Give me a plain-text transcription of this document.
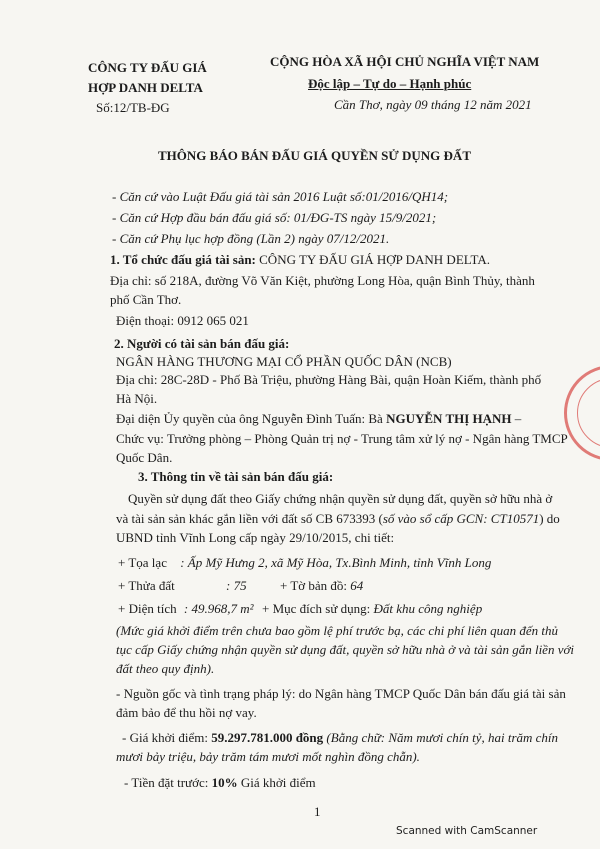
CÔNG TY ĐẤU GIÁ
HỢP DANH DELTA
Số:12/TB-ĐG
CỘNG HÒA XÃ HỘI CHỦ NGHĨA VIỆT NAM
Độc lập – Tự do – Hạnh phúc
Cần Thơ, ngày 09 tháng 12 năm 2021
THÔNG BÁO BÁN ĐẤU GIÁ QUYỀN SỬ DỤNG ĐẤT
- Căn cứ vào Luật Đấu giá tài sản 2016 Luật số:01/2016/QH14;
- Căn cứ Hợp đầu bán đấu giá số: 01/ĐG-TS ngày 15/9/2021;
- Căn cứ Phụ lục hợp đồng (Lần 2) ngày 07/12/2021.
1. Tổ chức đấu giá tài sản: CÔNG TY ĐẤU GIÁ HỢP DANH DELTA.
Địa chỉ: số 218A, đường Võ Văn Kiệt, phường Long Hòa, quận Bình Thủy, thành
phố Cần Thơ.
Điện thoại: 0912 065 021
2. Người có tài sản bán đấu giá:
NGÂN HÀNG THƯƠNG MẠI CỔ PHẦN QUỐC DÂN (NCB)
Địa chỉ: 28C-28D - Phố Bà Triệu, phường Hàng Bài, quận Hoàn Kiếm, thành phố
Hà Nội.
Đại diện Ủy quyền của ông Nguyễn Đình Tuấn: Bà NGUYỄN THỊ HẠNH –
Chức vụ: Trưởng phòng – Phòng Quản trị nợ - Trung tâm xử lý nợ - Ngân hàng TMCP
Quốc Dân.
3. Thông tin về tài sản bán đấu giá:
Quyền sử dụng đất theo Giấy chứng nhận quyền sử dụng đất, quyền sở hữu nhà ở
và tài sản sản khác gắn liền với đất số CB 673393 (số vào sổ cấp GCN: CT10571) do
UBND tỉnh Vĩnh Long cấp ngày 29/10/2015, chi tiết:
+ Tọa lạc : Ấp Mỹ Hưng 2, xã Mỹ Hòa, Tx.Bình Minh, tỉnh Vĩnh Long
+ Thửa đất	: 75	+ Tờ bản đồ: 64
+ Diện tích : 49.968,7 m² + Mục đích sử dụng: Đất khu công nghiệp
(Mức giá khởi điểm trên chưa bao gồm lệ phí trước bạ, các chi phí liên quan đến thủ
tục cấp Giấy chứng nhận quyền sử dụng đất, quyền sở hữu nhà ở và tài sản gắn liền với
đất theo quy định).
- Nguồn gốc và tình trạng pháp lý: do Ngân hàng TMCP Quốc Dân bán đấu giá tài sản
đảm bảo để thu hồi nợ vay.
- Giá khởi điểm: 59.297.781.000 đồng (Bằng chữ: Năm mươi chín tỷ, hai trăm chín
mươi bảy triệu, bảy trăm tám mươi mốt nghìn đồng chẵn).
- Tiền đặt trước: 10% Giá khởi điểm
1
Scanned with CamScanner
